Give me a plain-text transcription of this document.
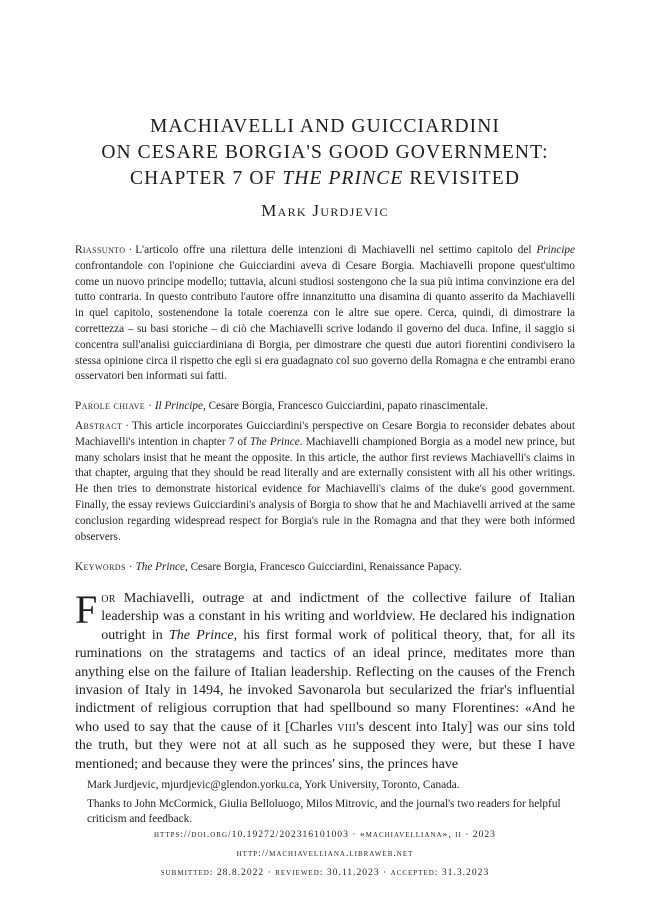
MACHIAVELLI AND GUICCIARDINI
ON CESARE BORGIA'S GOOD GOVERNMENT:
CHAPTER 7 OF THE PRINCE REVISITED
Mark Jurdjevic
Riassunto · L'articolo offre una rilettura delle intenzioni di Machiavelli nel settimo capitolo del Principe confrontandole con l'opinione che Guicciardini aveva di Cesare Borgia. Machiavelli propone quest'ultimo come un nuovo principe modello; tuttavia, alcuni studiosi sostengono che la sua più intima convinzione era del tutto contraria. In questo contributo l'autore offre innanzitutto una disamina di quanto asserito da Machiavelli in quel capitolo, sostenendone la totale coerenza con le altre sue opere. Cerca, quindi, di dimostrare la correttezza – su basi storiche – di ciò che Machiavelli scrive lodando il governo del duca. Infine, il saggio si concentra sull'analisi guicciardiniana di Borgia, per dimostrare che questi due autori fiorentini condivisero la stessa opinione circa il rispetto che egli si era guadagnato col suo governo della Romagna e che entrambi erano osservatori ben informati sui fatti.
Parole chiave · Il Principe, Cesare Borgia, Francesco Guicciardini, papato rinascimentale.
Abstract · This article incorporates Guicciardini's perspective on Cesare Borgia to reconsider debates about Machiavelli's intention in chapter 7 of The Prince. Machiavelli championed Borgia as a model new prince, but many scholars insist that he meant the opposite. In this article, the author first reviews Machiavelli's claims in that chapter, arguing that they should be read literally and are externally consistent with all his other writings. He then tries to demonstrate historical evidence for Machiavelli's claims of the duke's good government. Finally, the essay reviews Guicciardini's analysis of Borgia to show that he and Machiavelli arrived at the same conclusion regarding widespread respect for Borgia's rule in the Romagna and that they were both informed observers.
Keywords · The Prince, Cesare Borgia, Francesco Guicciardini, Renaissance Papacy.
For Machiavelli, outrage at and indictment of the collective failure of Italian leadership was a constant in his writing and worldview. He declared his indignation outright in The Prince, his first formal work of political theory, that, for all its ruminations on the stratagems and tactics of an ideal prince, meditates more than anything else on the failure of Italian leadership. Reflecting on the causes of the French invasion of Italy in 1494, he invoked Savonarola but secularized the friar's influential indictment of religious corruption that had spellbound so many Florentines: «And he who used to say that the cause of it [Charles viii's descent into Italy] was our sins told the truth, but they were not at all such as he supposed they were, but these I have mentioned; and because they were the princes' sins, the princes have

Mark Jurdjevic, mjurdjevic@glendon.yorku.ca, York University, Toronto, Canada.

Thanks to John McCormick, Giulia Belloluogo, Milos Mitrovic, and the journal's two readers for helpful criticism and feedback.

https://doi.org/10.19272/202316101003 · «machiavelliana», ii · 2023
http://machiavelliana.libraweb.net
submitted: 28.8.2022 · reviewed: 30.11.2023 · accepted: 31.3.2023
